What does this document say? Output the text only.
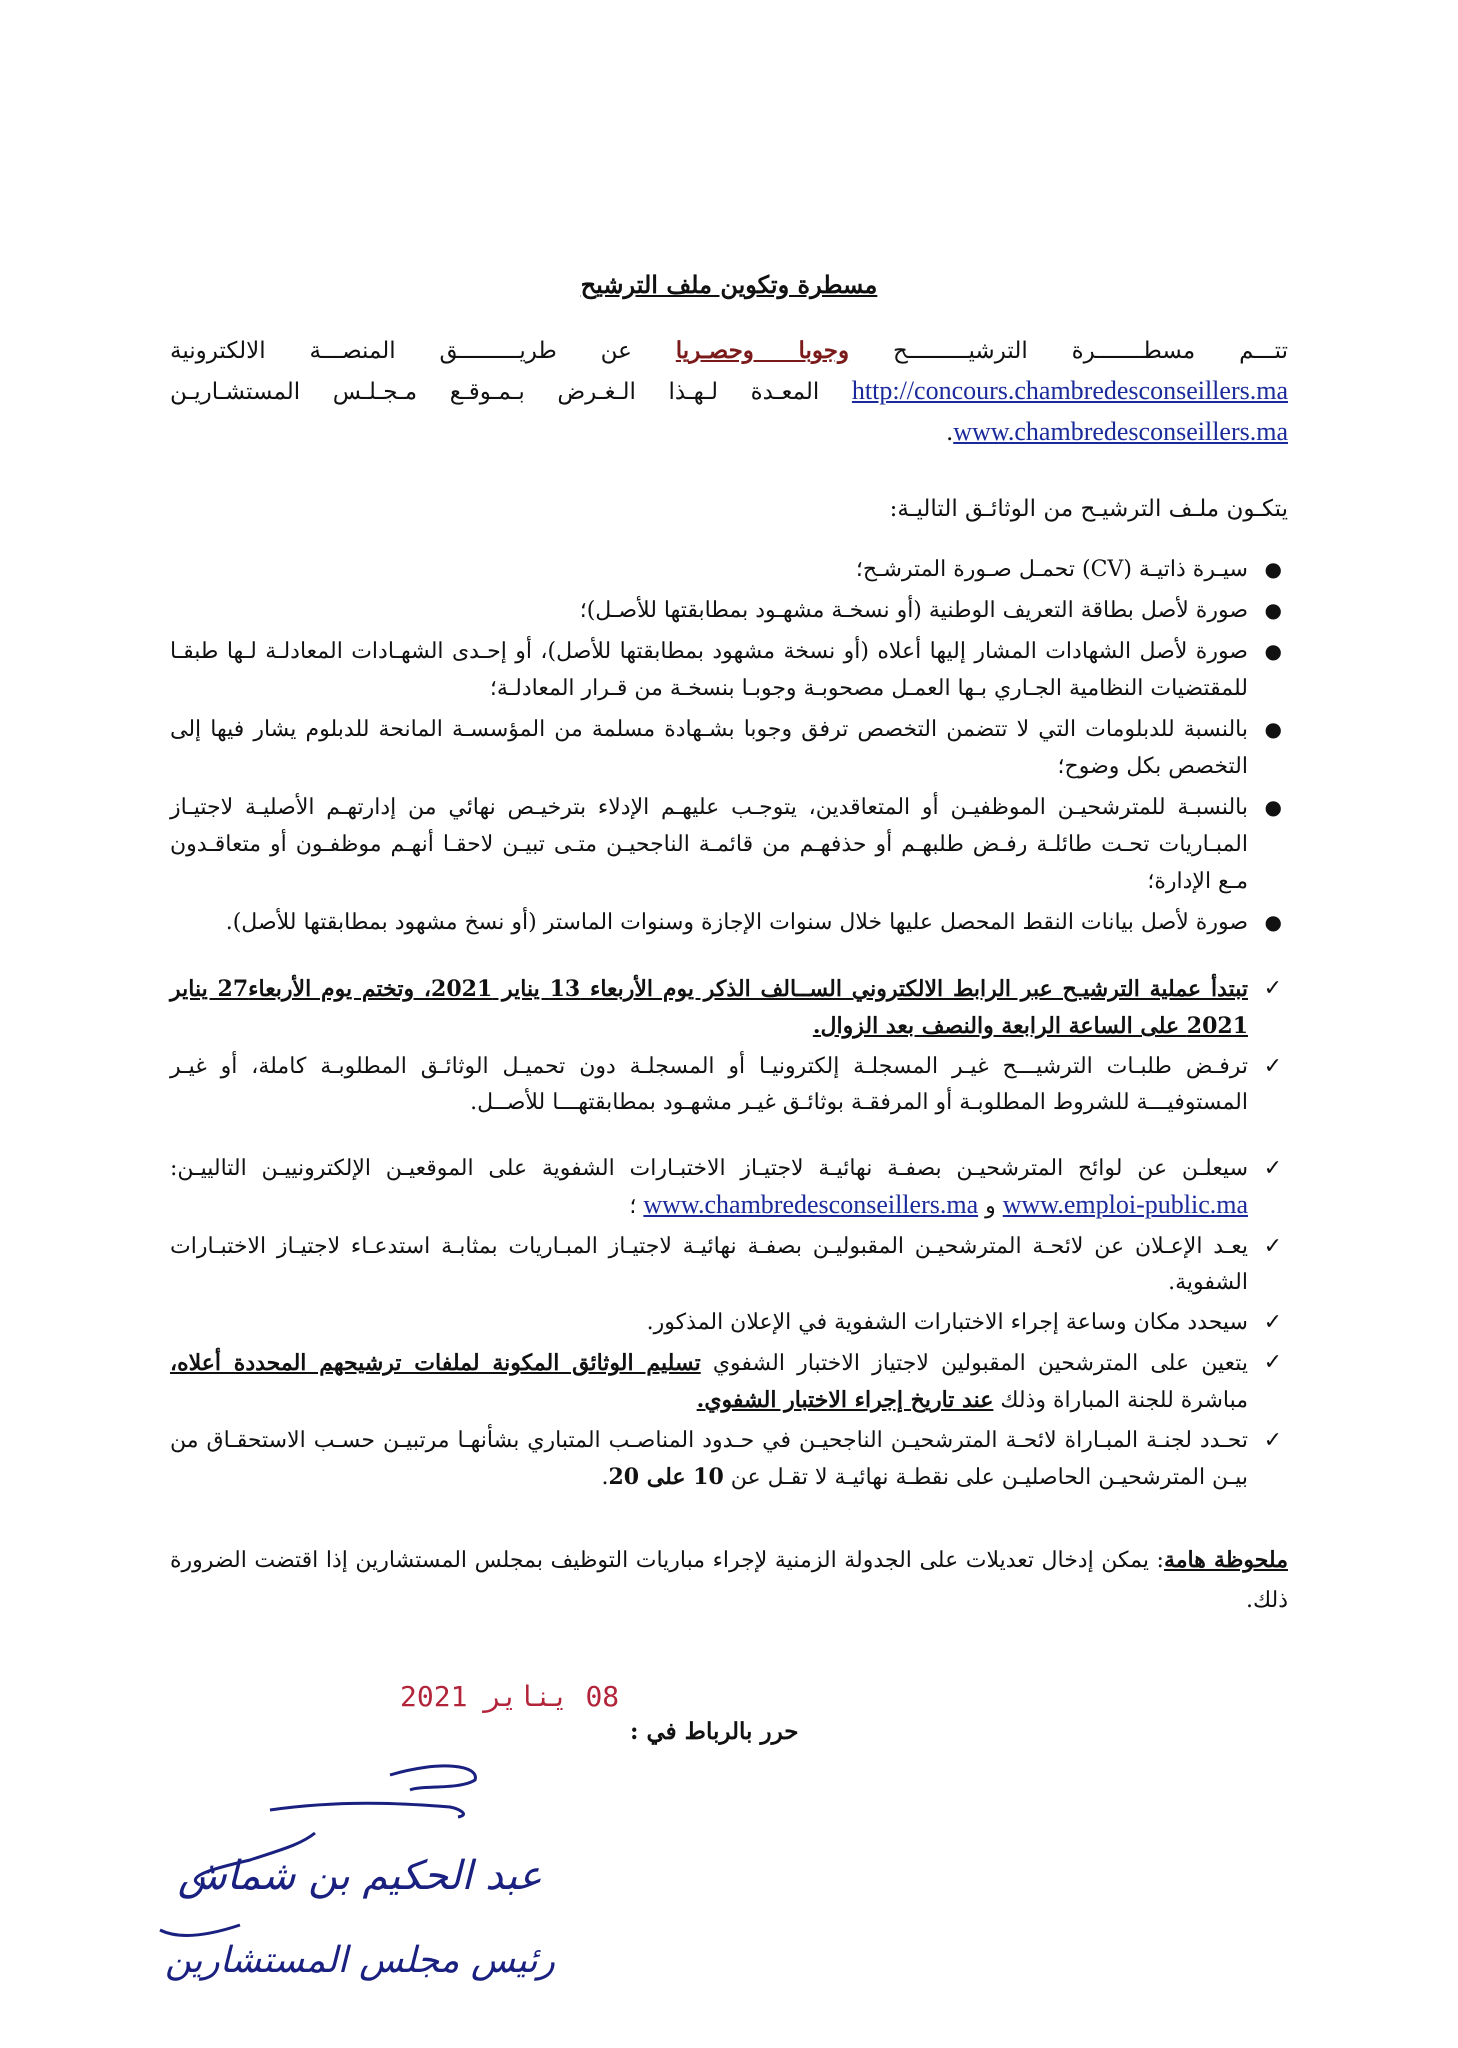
مسطرة وتكوين ملف الترشيح

تتـــم مسطـــــــرة الترشيـــــــــح وجوبا وحصـريا عن طريـــــــــق المنصـــة الالكترونية http://concours.chambredesconseillers.ma المعـدة لـهـذا الـغـرض بـمـوقـع مـجـلـس المستشـاريـن www.chambredesconseillers.ma.

يتكـون ملـف الترشيـح من الوثائـق التاليـة:
●
سيـرة ذاتيـة (CV) تحمـل صـورة المترشـح؛
●
صورة لأصل بطاقة التعريف الوطنية (أو نسخـة مشهـود بمطابقتها للأصـل)؛
●
صورة لأصل الشهادات المشار إليها أعلاه (أو نسخة مشهود بمطابقتها للأصل)، أو إحـدى الشهـادات المعادلـة لـها طبقـا للمقتضيات النظامية الجـاري بـها العمـل مصحوبـة وجوبـا بنسخـة من قـرار المعادلـة؛
●
بالنسبة للدبلومات التي لا تتضمن التخصص ترفق وجوبا بشـهادة مسلمة من المؤسسـة المانحة للدبلوم يشار فيها إلى التخصص بكل وضوح؛
●
بالنسبـة للمترشحيـن الموظفيـن أو المتعاقدين، يتوجـب عليهـم الإدلاء بترخيـص نهائي من إدارتهـم الأصليـة لاجتيـاز المبـاريات تحـت طائلـة رفـض طلبهـم أو حذفهـم من قائمـة الناجحيـن متـى تبيـن لاحقـا أنهـم موظفـون أو متعاقـدون مـع الإدارة؛
●
صورة لأصل بيانات النقط المحصل عليها خلال سنوات الإجازة وسنوات الماستر (أو نسخ مشهود بمطابقتها للأصل).
✓
تبتدأ عملية الترشيـح عبر الرابط الالكتروني الســالف الذكر يوم الأربعاء 13 يناير 2021، وتختم يوم الأربعاء27 يناير 2021 على الساعة الرابعة والنصف بعد الزوال.
✓
ترفـض طلبـات الترشيـــح غيـر المسجلـة إلكترونيـا أو المسجلـة دون تحميـل الوثائـق المطلوبـة كاملة، أو غيـر المستوفيـــة للشروط المطلوبـة أو المرفقـة بوثائـق غيـر مشهـود بمطابقتهـــا للأصــل.
✓
سيعلـن عن لوائح المترشحيـن بصفـة نهائيـة لاجتيـاز الاختبـارات الشفوية على الموقعيـن الإلكترونييـن التالييـن: www.emploi-public.ma و www.chambredesconseillers.ma ؛
✓
يعـد الإعـلان عن لائحـة المترشحيـن المقبوليـن بصفـة نهائيـة لاجتيـاز المبـاريات بمثابـة استدعـاء لاجتيـاز الاختبـارات الشفوية.
✓
سيحدد مكان وساعة إجراء الاختبارات الشفوية في الإعلان المذكور.
✓
يتعين على المترشحين المقبولين لاجتياز الاختبار الشفوي تسليم الوثائق المكونة لملفات ترشيحهم المحددة أعلاه، مباشرة للجنة المباراة وذلك عند تاريخ إجراء الاختبار الشفوي.
✓
تحـدد لجنـة المبـاراة لائحـة المترشحيـن الناجحيـن في حـدود المناصـب المتباري بشأنهـا مرتبيـن حسـب الاستحقـاق من بيـن المترشحيـن الحاصليـن على نقطـة نهائيـة لا تقـل عن 10 على 20.

ملحوظة هامة: يمكن إدخال تعديلات على الجدولة الزمنية لإجراء مباريات التوظيف بمجلس المستشارين إذا اقتضت الضرورة ذلك.

08 يناير 2021
حرر بالرباط في :
عبد الحكيم بن شماش
رئيس مجلس المستشارين
